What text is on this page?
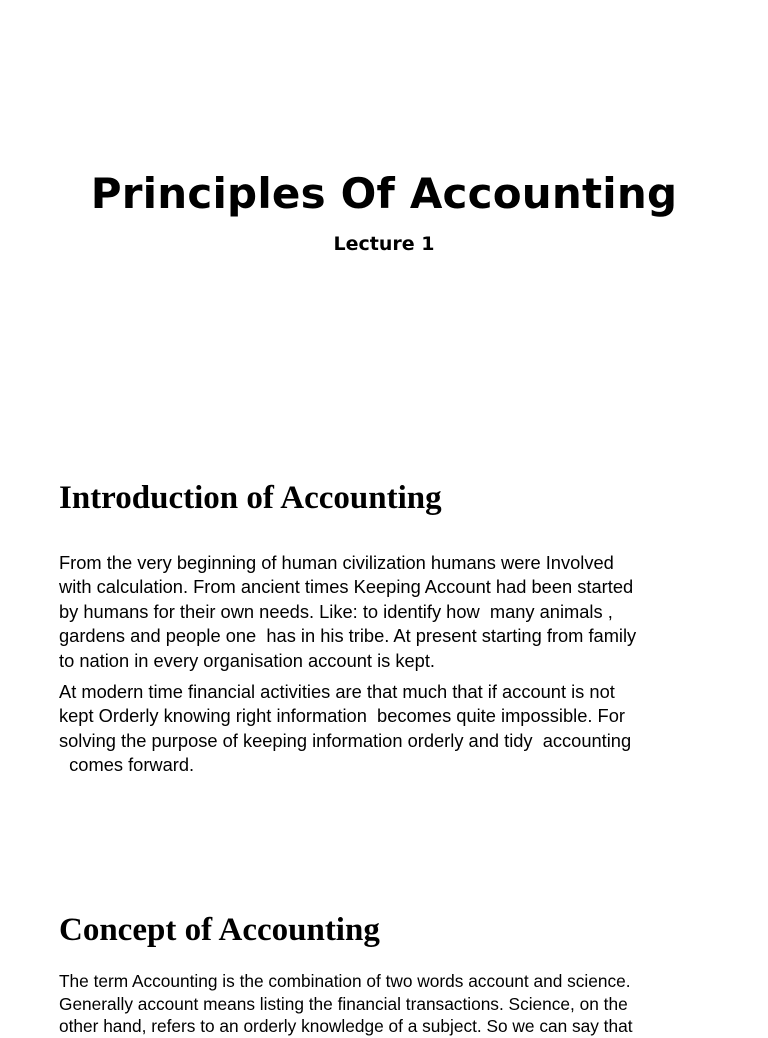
Principles Of Accounting
Lecture 1
Introduction of Accounting

From the very beginning of human civilization humans were Involved
with calculation. From ancient times Keeping Account had been started
by humans for their own needs. Like: to identify how  many animals ,
gardens and people one  has in his tribe. At present starting from family
to nation in every organisation account is kept.

At modern time financial activities are that much that if account is not
kept Orderly knowing right information  becomes quite impossible. For
solving the purpose of keeping information orderly and tidy  accounting
comes forward.

Concept of Accounting

The term Accounting is the combination of two words account and science.
Generally account means listing the financial transactions. Science, on the
other hand, refers to an orderly knowledge of a subject. So we can say that
